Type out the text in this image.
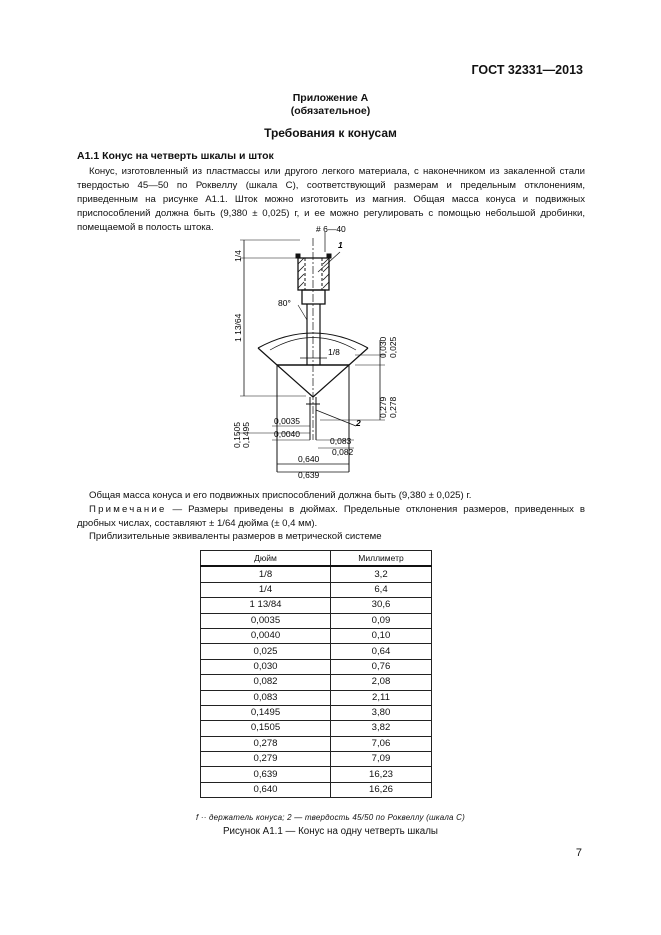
ГОСТ 32331—2013
Приложение А
(обязательное)
Требования к конусам
А1.1 Конус на четверть шкалы и шток
Конус, изготовленный из пластмассы или другого легкого материала, с наконечником из закаленной стали твердостью 45—50 по Роквеллу (шкала С), соответствующий размерам и предельным отклонениям, приведенным на рисунке А1.1. Шток можно изготовить из магния. Общая масса конуса и подвижных приспособлений должна быть (9,380 ± 0,025) г, и ее можно регулировать с помощью небольшой дробинки, помещаемой в полость штока.	# 6—40
1
2
1/4
1 13/64
80°
1/8	0,030 0,025
0,279 0,278
0,1505 0,1495
0,0035
0,0040
0,083
0,082
0,640
0,639
Общая масса конуса и его подвижных приспособлений должна быть (9,380 ± 0,025) г.
Примечание — Размеры приведены в дюймах. Предельные отклонения размеров, приведенных в дробных числах, составляют ± 1/64 дюйма (± 0,4 мм).
Приблизительные эквиваленты размеров в метрической системе
Дюйм	Миллиметр
1/8	3,2
1/4	6,4
1 13/84	30,6
0,0035	0,09
0,0040	0,10
0,025	0,64
0,030	0,76
0,082	2,08
0,083	2,11
0,1495	3,80
0,1505	3,82
0,278	7,06
0,279	7,09
0,639	16,23
0,640	16,26
f ·· держатель конуса; 2 — твердость 45/50 по Роквеллу (шкала С)
Рисунок А1.1 — Конус на одну четверть шкалы
7
